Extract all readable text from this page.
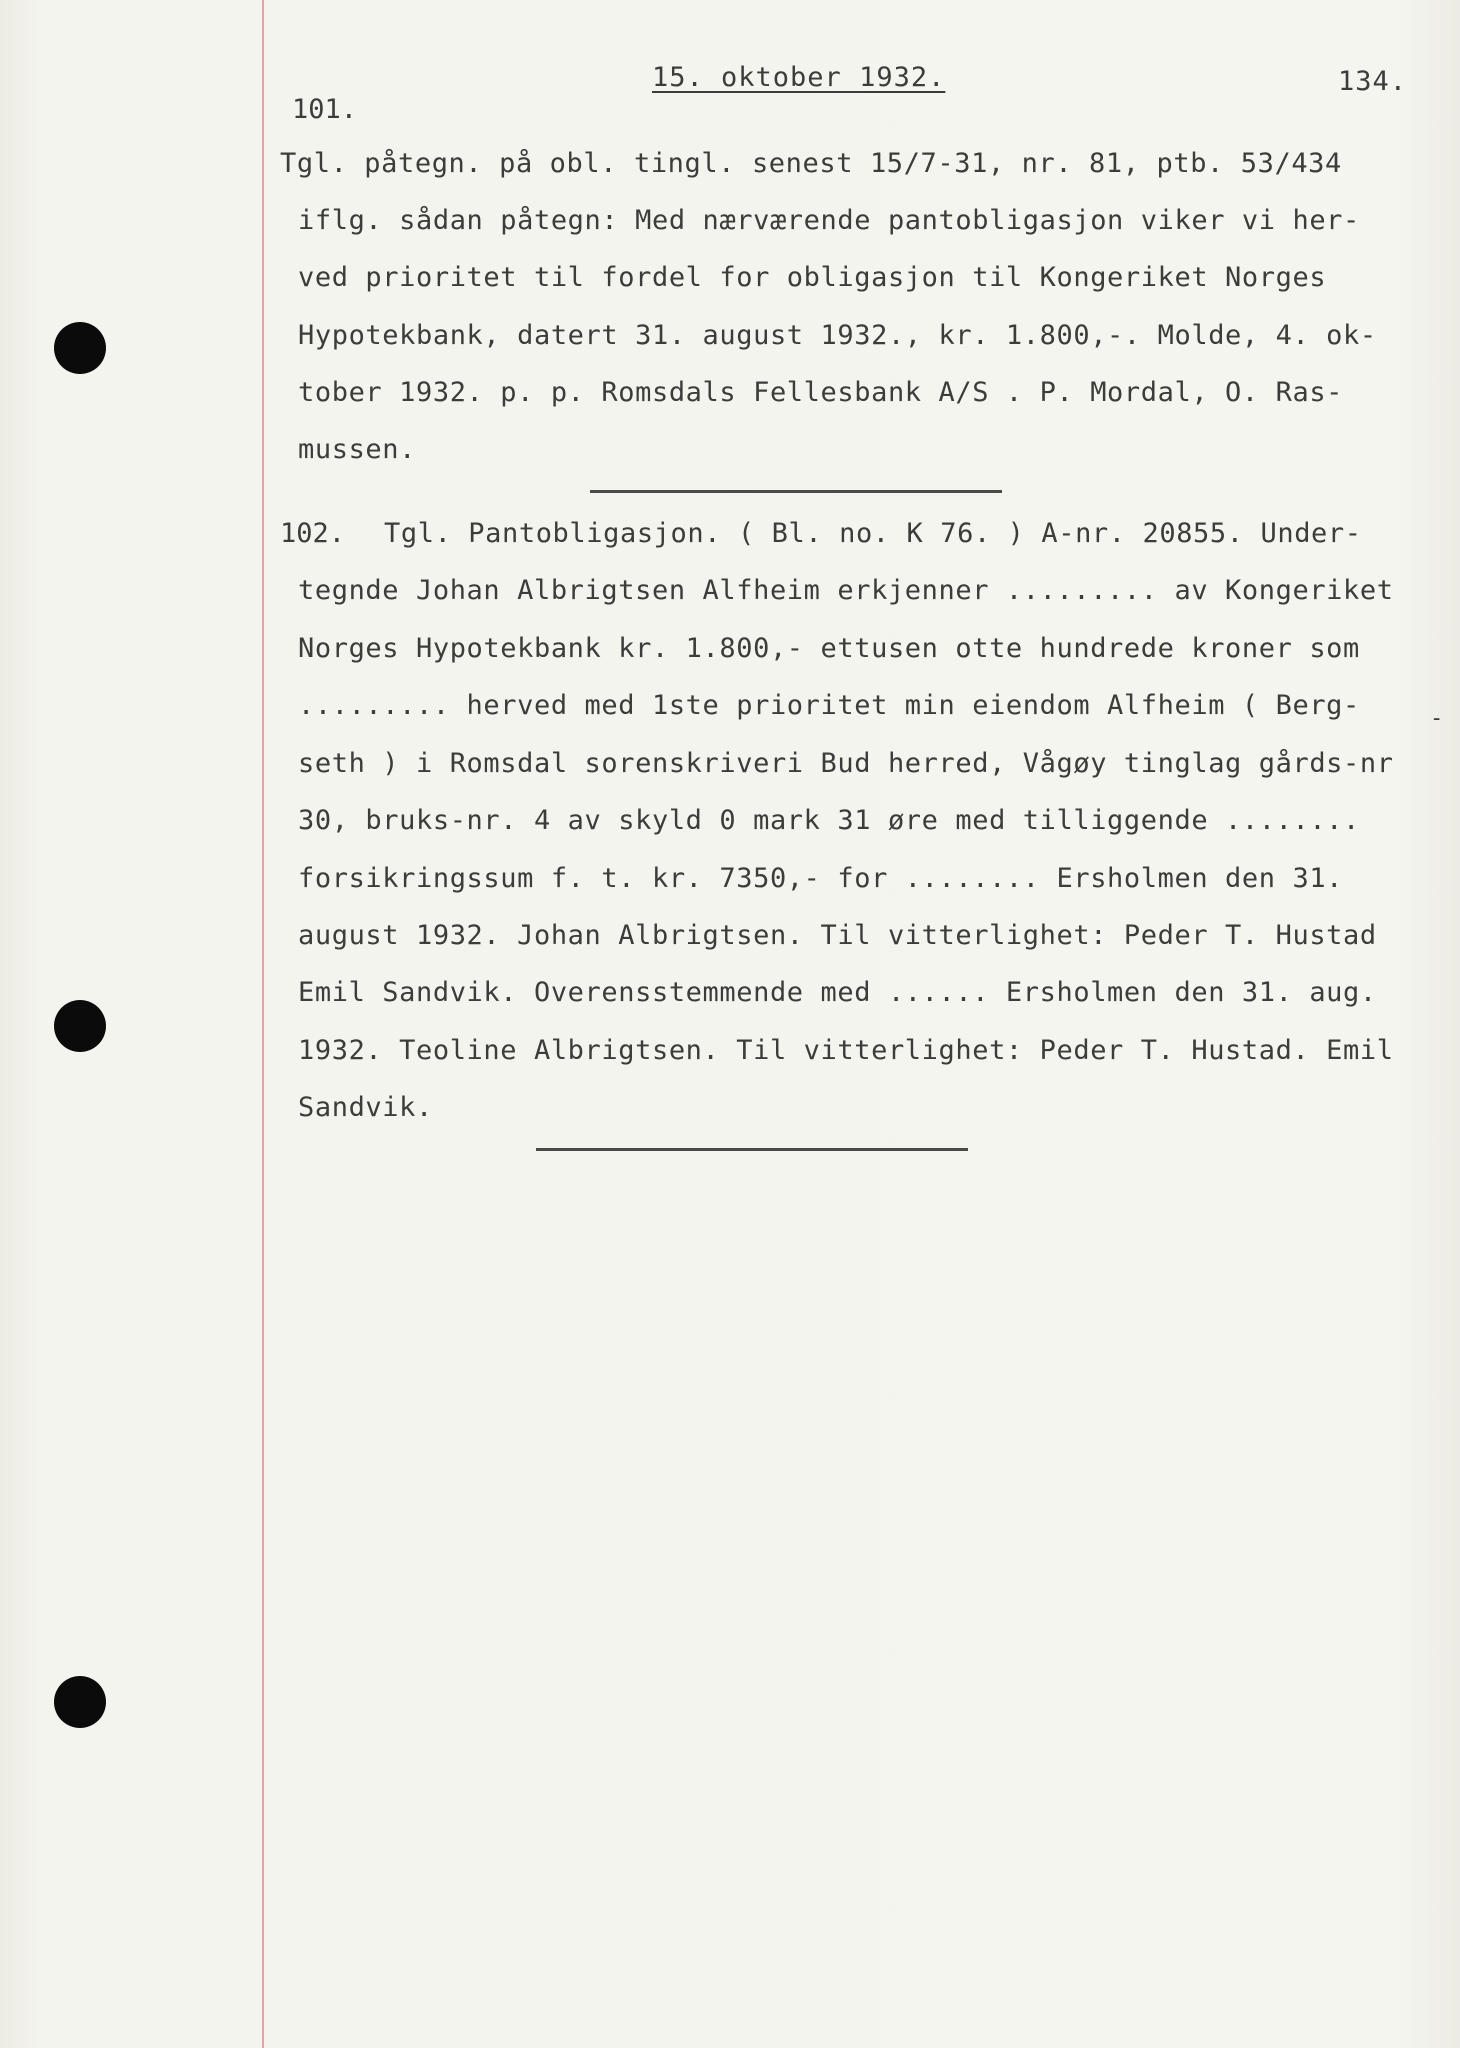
15. oktober 1932.	134.
101.
Tgl. påtegn. på obl. tingl. senest 15/7-31, nr. 81, ptb. 53/434
iflg. sådan påtegn: Med nærværende pantobligasjon viker vi her-
ved prioritet til fordel for obligasjon til Kongeriket Norges
Hypotekbank, datert 31. august 1932., kr. 1.800,-. Molde, 4. ok-
tober 1932. p. p. Romsdals Fellesbank A/S . P. Mordal, O. Ras-
mussen.
102. Tgl. Pantobligasjon. ( Bl. no. K 76. ) A-nr. 20855. Under-
tegnde Johan Albrigtsen Alfheim erkjenner ......... av Kongeriket
Norges Hypotekbank kr. 1.800,- ettusen otte hundrede kroner som
......... herved med 1ste prioritet min eiendom Alfheim ( Berg-
seth ) i Romsdal sorenskriveri Bud herred, Vågøy tinglag gårds-nr
30, bruks-nr. 4 av skyld 0 mark 31 øre med tilliggende ........
forsikringssum f. t. kr. 7350,- for ........ Ersholmen den 31.
august 1932. Johan Albrigtsen. Til vitterlighet: Peder T. Hustad
Emil Sandvik. Overensstemmende med ...... Ersholmen den 31. aug.
1932. Teoline Albrigtsen. Til vitterlighet: Peder T. Hustad. Emil
Sandvik.
‐
